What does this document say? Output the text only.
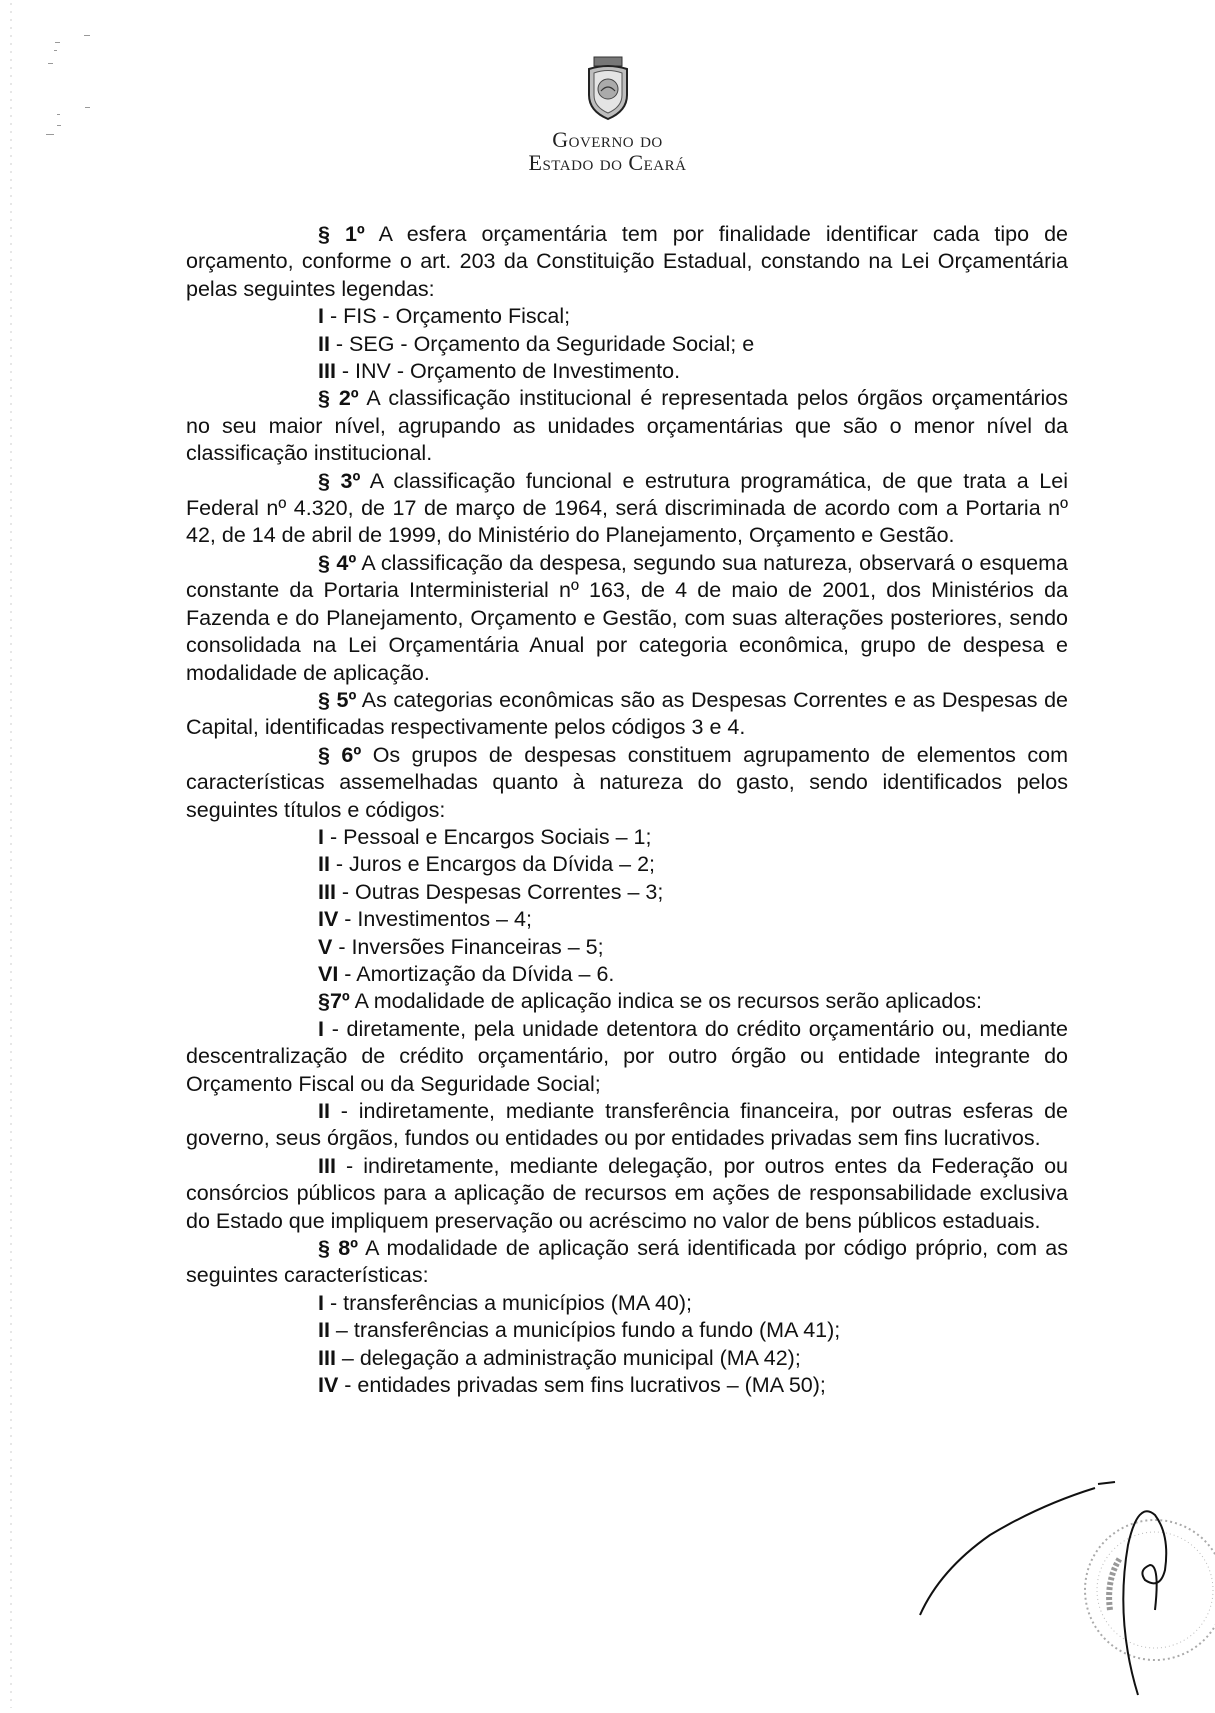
Governo do
Estado do Ceará

§ 1º A esfera orçamentária tem por finalidade identificar cada tipo de orçamento, conforme o art. 203 da Constituição Estadual, constando na Lei Orçamentária pelas seguintes legendas:

I - FIS - Orçamento Fiscal;
II - SEG - Orçamento da Seguridade Social; e
III - INV - Orçamento de Investimento.

§ 2º A classificação institucional é representada pelos órgãos orçamentários no seu maior nível, agrupando as unidades orçamentárias que são o menor nível da classificação institucional.

§ 3º A classificação funcional e estrutura programática, de que trata a Lei Federal nº 4.320, de 17 de março de 1964, será discriminada de acordo com a Portaria nº 42, de 14 de abril de 1999, do Ministério do Planejamento, Orçamento e Gestão.

§ 4º A classificação da despesa, segundo sua natureza, observará o esquema constante da Portaria Interministerial nº 163, de 4 de maio de 2001, dos Ministérios da Fazenda e do Planejamento, Orçamento e Gestão, com suas alterações posteriores, sendo consolidada na Lei Orçamentária Anual por categoria econômica, grupo de despesa e modalidade de aplicação.

§ 5º As categorias econômicas são as Despesas Correntes e as Despesas de Capital, identificadas respectivamente pelos códigos 3 e 4.

§ 6º Os grupos de despesas constituem agrupamento de elementos com características assemelhadas quanto à natureza do gasto, sendo identificados pelos seguintes títulos e códigos:

I - Pessoal e Encargos Sociais – 1;
II - Juros e Encargos da Dívida – 2;
III - Outras Despesas Correntes – 3;
IV - Investimentos – 4;
V - Inversões Financeiras – 5;
VI - Amortização da Dívida – 6.

§7º A modalidade de aplicação indica se os recursos serão aplicados:

I - diretamente, pela unidade detentora do crédito orçamentário ou, mediante descentralização de crédito orçamentário, por outro órgão ou entidade integrante do Orçamento Fiscal ou da Seguridade Social;

II - indiretamente, mediante transferência financeira, por outras esferas de governo, seus órgãos, fundos ou entidades ou por entidades privadas sem fins lucrativos.

III - indiretamente, mediante delegação, por outros entes da Federação ou consórcios públicos para a aplicação de recursos em ações de responsabilidade exclusiva do Estado que impliquem preservação ou acréscimo no valor de bens públicos estaduais.

§ 8º A modalidade de aplicação será identificada por código próprio, com as seguintes características:

I - transferências a municípios (MA 40);
II – transferências a municípios fundo a fundo (MA 41);
III – delegação a administração municipal (MA 42);
IV - entidades privadas sem fins lucrativos – (MA 50);
